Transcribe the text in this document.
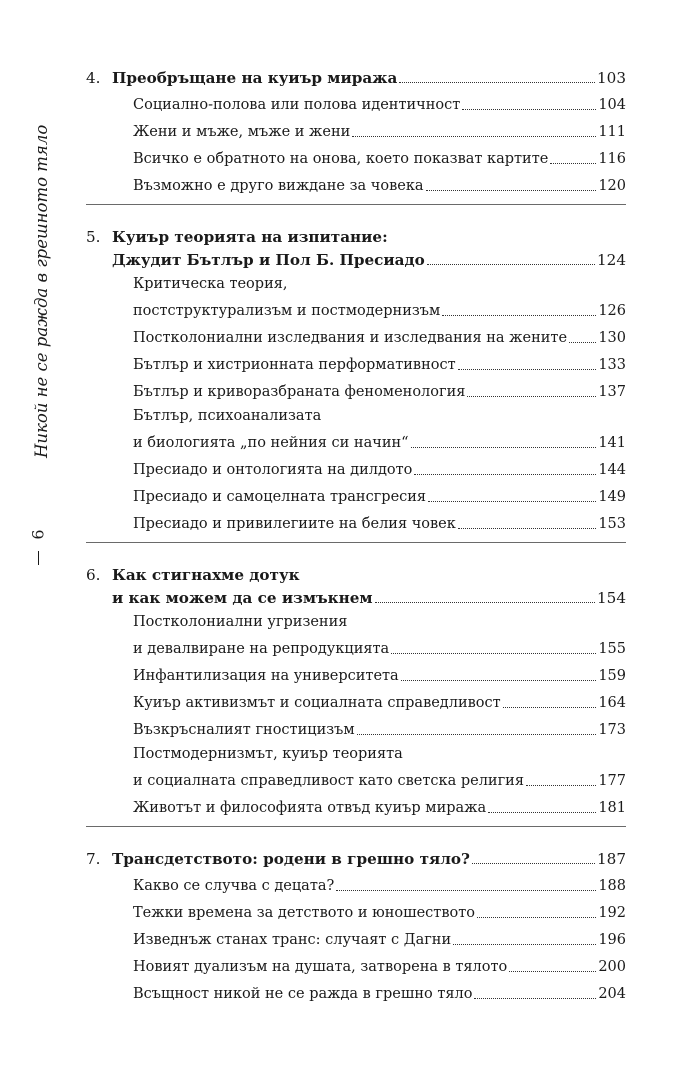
Никой не се ражда в грешното тяло
6
4. Преобръщане на куиър миража	103
Социално-полова или полова идентичност	104
Жени и мъже, мъже и жени	111
Всичко е обратното на онова, което показват картите	116
Възможно е друго виждане за човека	120
5. Куиър теорията на изпитание:
Джудит Бътлър и Пол Б. Пресиадо	124
Критическа теория,
постструктурализъм и постмодернизъм	126
Постколониални изследвания и изследвания на жените 130
Бътлър и хистрионната перформативност	133
Бътлър и криворазбраната феноменология	137
Бътлър, психоанализата
и биологията „по нейния си начин“	141
Пресиадо и онтологията на дилдото	144
Пресиадо и самоцелната трансгресия	149
Пресиадо и привилегиите на белия човек	153
6. Как стигнахме дотук
и как можем да се измъкнем	154
Постколониални угризения
и девалвиране на репродукцията	155
Инфантилизация на университета	159
Куиър активизмът и социалната справедливост	164
Възкръсналият гностицизъм	173
Постмодернизмът, куиър теорията
и социалната справедливост като светска религия	177
Животът и философията отвъд куиър миража	181
7. Трансдетството: родени в грешно тяло?	187
Какво се случва с децата?	188
Тежки времена за детството и юношеството	192
Изведнъж станах транс: случаят с Дагни	196
Новият дуализъм на душата, затворена в тялото	200
Всъщност никой не се ражда в грешно тяло	204
